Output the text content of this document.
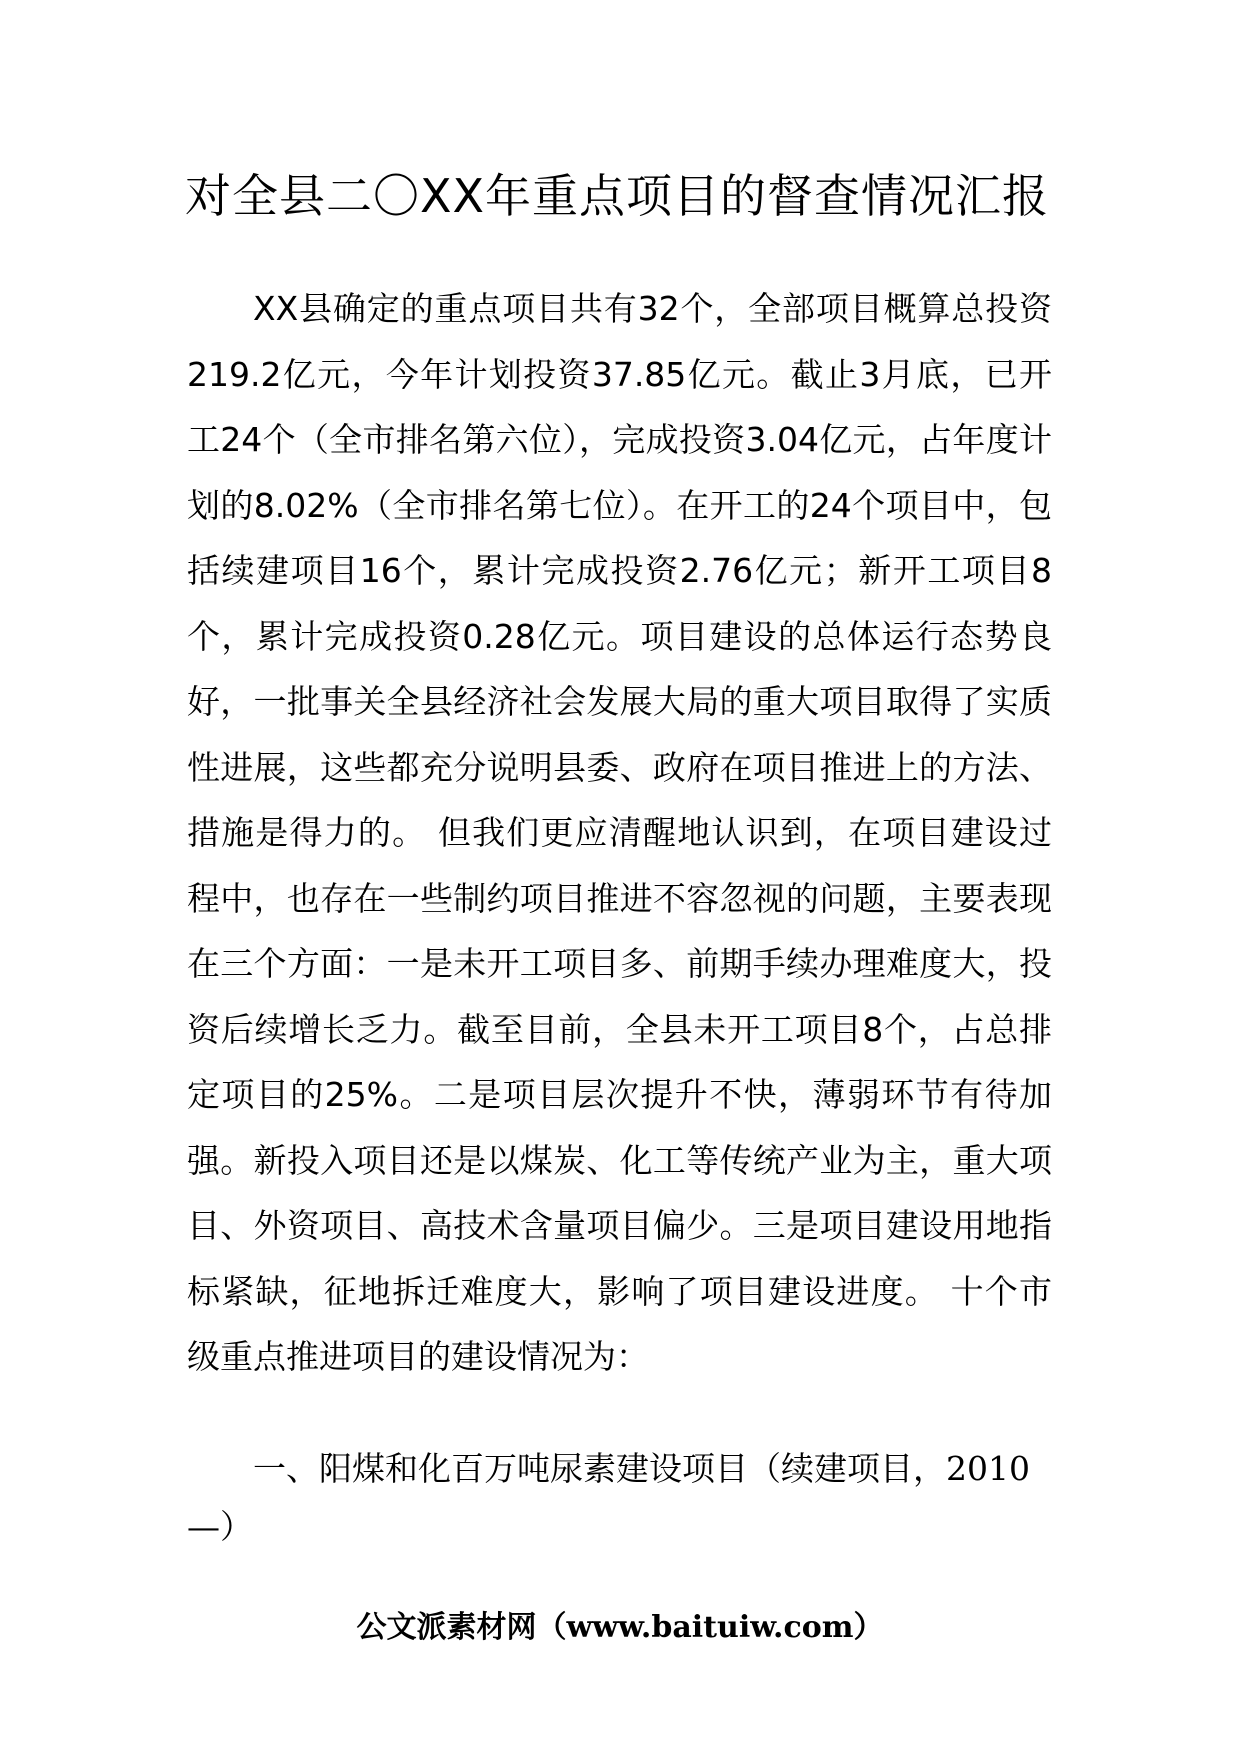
对全县二〇XX年重点项目的督查情况汇报

XX县确定的重点项目共有32个，全部项目概算总投资219.2亿元，今年计划投资37.85亿元。截止3月底，已开工24个（全市排名第六位），完成投资3.04亿元，占年度计划的8.02%（全市排名第七位）。在开工的24个项目中，包括续建项目16个，累计完成投资2.76亿元；新开工项目8个，累计完成投资0.28亿元。项目建设的总体运行态势良好，一批事关全县经济社会发展大局的重大项目取得了实质性进展，这些都充分说明县委、政府在项目推进上的方法、措施是得力的。 但我们更应清醒地认识到，在项目建设过程中，也存在一些制约项目推进不容忽视的问题，主要表现在三个方面：一是未开工项目多、前期手续办理难度大，投资后续增长乏力。截至目前，全县未开工项目8个，占总排定项目的25%。二是项目层次提升不快，薄弱环节有待加强。新投入项目还是以煤炭、化工等传统产业为主，重大项目、外资项目、高技术含量项目偏少。三是项目建设用地指标紧缺，征地拆迁难度大，影响了项目建设进度。 十个市级重点推进项目的建设情况为：

一、阳煤和化百万吨尿素建设项目（续建项目，2010—）

公文派素材网（www.baituiw.com）
